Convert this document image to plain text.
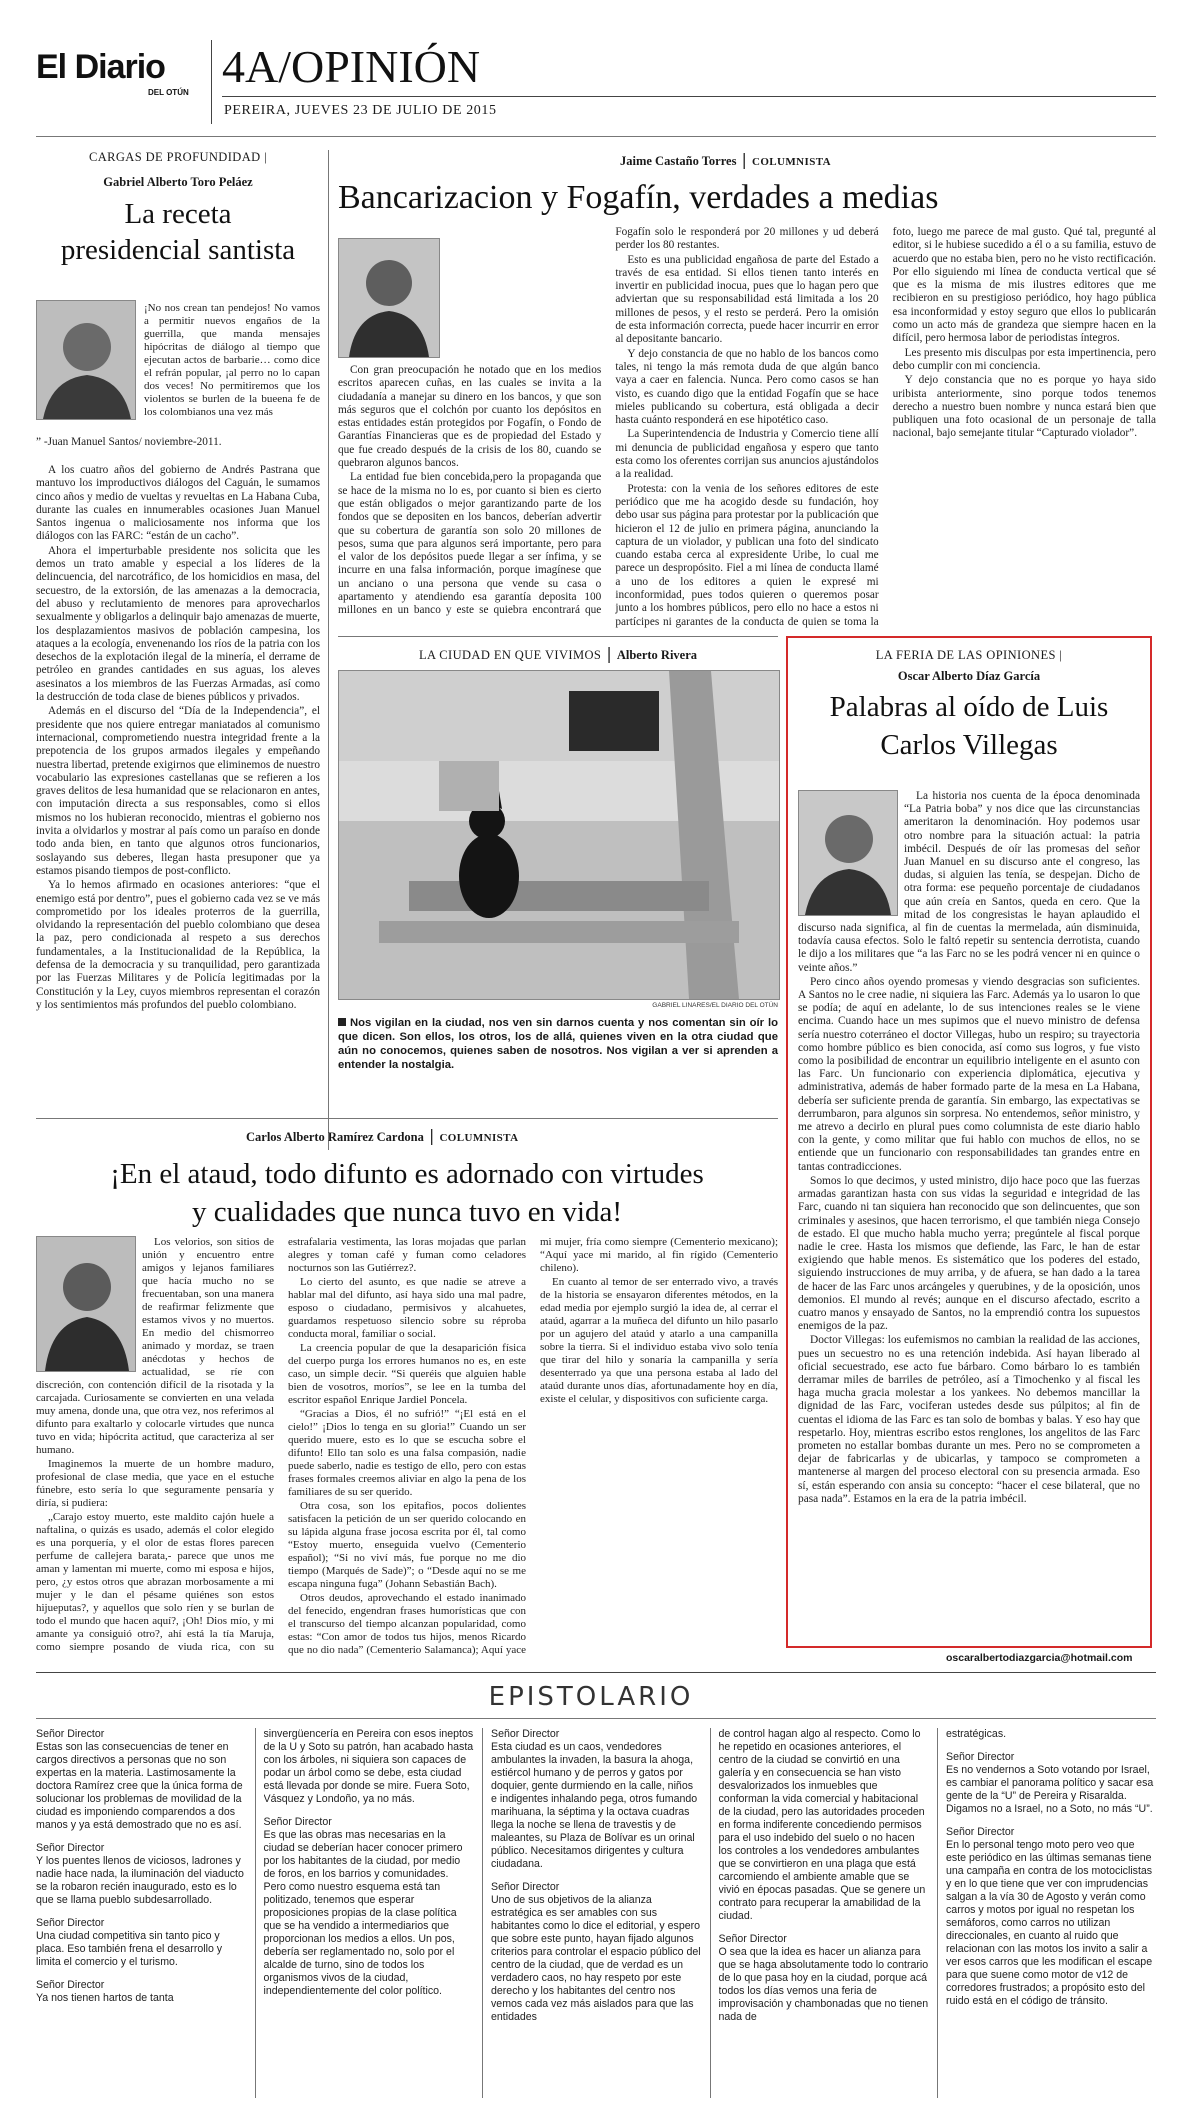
El Diario
DEL OTÚN
4A/OPINIÓN
PEREIRA, JUEVES 23 DE JULIO DE 2015
CARGAS DE PROFUNDIDAD |
Gabriel Alberto Toro Peláez
La receta
presidencial santista
¡No nos crean tan pendejos! No vamos a permitir nuevos engaños de la guerrilla, que manda mensajes hipócritas de diálogo al tiempo que ejecutan actos de barbarie… como dice el refrán popular, ¡al perro no lo capan dos veces! No permitiremos que los violentos se burlen de la bueena fe de los colombianos una vez más
” -Juan Manuel Santos/ noviembre-2011.

A los cuatro años del gobierno de Andrés Pastrana que mantuvo los improductivos diálogos del Caguán, le sumamos cinco años y medio de vueltas y revueltas en La Habana Cuba, durante las cuales en innumerables ocasiones Juan Manuel Santos ingenua o maliciosamente nos informa que los diálogos con las FARC: “están de un cacho”.

Ahora el imperturbable presidente nos solicita que les demos un trato amable y especial a los líderes de la delincuencia, del narcotráfico, de los homicidios en masa, del secuestro, de la extorsión, de las amenazas a la democracia, del abuso y reclutamiento de menores para aprovecharlos sexualmente y obligarlos a delinquir bajo amenazas de muerte, los desplazamientos masivos de población campesina, los ataques a la ecología, envenenando los ríos de la patria con los desechos de la explotación ilegal de la minería, el derrame de petróleo en grandes cantidades en sus aguas, los aleves asesinatos a los miembros de las Fuerzas Armadas, así como la destrucción de toda clase de bienes públicos y privados.

Además en el discurso del “Día de la Independencia”, el presidente que nos quiere entregar maniatados al comunismo internacional, comprometiendo nuestra integridad frente a la prepotencia de los grupos armados ilegales y empeñando nuestra libertad, pretende exigirnos que eliminemos de nuestro vocabulario las expresiones castellanas que se refieren a los graves delitos de lesa humanidad que se relacionaron en antes, con imputación directa a sus responsables, como si ellos mismos no los hubieran reconocido, mientras el gobierno nos invita a olvidarlos y mostrar al país como un paraíso en donde todo anda bien, en tanto que algunos otros funcionarios, soslayando sus deberes, llegan hasta presuponer que ya estamos pisando tiempos de post-conflicto.

Ya lo hemos afirmado en ocasiones anteriores: “que el enemigo está por dentro”, pues el gobierno cada vez se ve más comprometido por los ideales proterros de la guerrilla, olvidando la representación del pueblo colombiano que desea la paz, pero condicionada al respeto a sus derechos fundamentales, a la Institucionalidad de la República, la defensa de la democracia y su tranquilidad, pero garantizada por las Fuerzas Militares y de Policía legitimadas por la Constitución y la Ley, cuyos miembros representan el corazón y los sentimientos más profundos del pueblo colombiano.

Jaime Castaño Torres | COLUMNISTA
Bancarizacion y Fogafín, verdades a medias

Con gran preocupación he notado que en los medios escritos aparecen cuñas, en las cuales se invita a la ciudadanía a manejar su dinero en los bancos, y que son más seguros que el colchón por cuanto los depósitos en estas entidades están protegidos por Fogafín, o Fondo de Garantías Financieras que es de propiedad del Estado y que fue creado después de la crisis de los 80, cuando se quebraron algunos bancos.

La entidad fue bien concebida,pero la propaganda que se hace de la misma no lo es, por cuanto si bien es cierto que están obligados o mejor garantizando parte de los fondos que se depositen en los bancos, deberían advertir que su cobertura de garantía son solo 20 millones de pesos, suma que para algunos será importante, pero para el valor de los depósitos puede llegar a ser ínfima, y se incurre en una falsa información, porque imagínese que un anciano o una persona que vende su casa o apartamento y atendiendo esa garantía deposita 100 millones en un banco y este se quiebra encontrará que Fogafín solo le responderá por 20 millones y ud deberá perder los 80 restantes.

Esto es una publicidad engañosa de parte del Estado a través de esa entidad. Si ellos tienen tanto interés en invertir en publicidad inocua, pues que lo hagan pero que adviertan que su responsabilidad está limitada a los 20 millones de pesos, y el resto se perderá. Pero la omisión de esta información correcta, puede hacer incurrir en error al depositante bancario.

Y dejo constancia de que no hablo de los bancos como tales, ni tengo la más remota duda de que algún banco vaya a caer en falencia. Nunca. Pero como casos se han visto, es cuando digo que la entidad Fogafín que se hace mieles publicando su cobertura, está obligada a decir hasta cuánto responderá en ese hipotético caso.

La Superintendencia de Industria y Comercio tiene allí mi denuncia de publicidad engañosa y espero que tanto esta como los oferentes corrijan sus anuncios ajustándolos a la realidad.

Protesta: con la venia de los señores editores de este periódico que me ha acogido desde su fundación, hoy debo usar sus página para protestar por la publicación que hicieron el 12 de julio en primera página, anunciando la captura de un violador, y publican una foto del sindicato cuando estaba cerca al expresidente Uribe, lo cual me parece un despropósito. Fiel a mi línea de conducta llamé a uno de los editores a quien le expresé mi inconformidad, pues todos quieren o queremos posar junto a los hombres públicos, pero ello no hace a estos ni partícipes ni garantes de la conducta de quien se toma la foto, luego me parece de mal gusto. Qué tal, pregunté al editor, si le hubiese sucedido a él o a su familia, estuvo de acuerdo que no estaba bien, pero no he visto rectificación. Por ello siguiendo mi línea de conducta vertical que sé que es la misma de mis ilustres editores que me recibieron en su prestigioso periódico, hoy hago pública esa inconformidad y estoy seguro que ellos lo publicarán como un acto más de grandeza que siempre hacen en la difícil, pero hermosa labor de periodistas íntegros.

Les presento mis disculpas por esta impertinencia, pero debo cumplir con mi conciencia.

Y dejo constancia que no es porque yo haya sido uribista anteriormente, sino porque todos tenemos derecho a nuestro buen nombre y nunca estará bien que publiquen una foto ocasional de un personaje de talla nacional, bajo semejante titular “Capturado violador”.

LA CIUDAD EN QUE VIVIMOS | Alberto Rivera
GABRIEL LINARES/EL DIARIO DEL OTÚN
Nos vigilan en la ciudad, nos ven sin darnos cuenta y nos comentan sin oír lo que dicen. Son ellos, los otros, los de allá, quienes viven en la otra ciudad que aún no conocemos, quienes saben de nosotros. Nos vigilan a ver si aprenden a entender la nostalgia.
LA FERIA DE LAS OPINIONES |
Oscar Alberto Díaz García
Palabras al oído de Luis
Carlos Villegas

La historia nos cuenta de la época denominada “La Patria boba” y nos dice que las circunstancias ameritaron la denominación. Hoy podemos usar otro nombre para la situación actual: la patria imbécil. Después de oír las promesas del señor Juan Manuel en su discurso ante el congreso, las dudas, si alguien las tenía, se despejan. Dicho de otra forma: ese pequeño porcentaje de ciudadanos que aún creía en Santos, queda en cero. Que la mitad de los congresistas le hayan aplaudido el discurso nada significa, al fin de cuentas la mermelada, aún disminuida, todavía causa efectos. Solo le faltó repetir su sentencia derrotista, cuando le dijo a los militares que “a las Farc no se les podrá vencer ni en quince o veinte años.”

Pero cinco años oyendo promesas y viendo desgracias son suficientes. A Santos no le cree nadie, ni siquiera las Farc. Además ya lo usaron lo que se podía; de aquí en adelante, lo de sus intenciones reales se le viene encima. Cuando hace un mes supimos que el nuevo ministro de defensa sería nuestro coterráneo el doctor Villegas, hubo un respiro; su trayectoria como hombre público es bien conocida, así como sus logros, y fue visto como la posibilidad de encontrar un equilibrio inteligente en el asunto con las Farc. Un funcionario con experiencia diplomática, ejecutiva y administrativa, además de haber formado parte de la mesa en La Habana, debería ser suficiente prenda de garantía. Sin embargo, las expectativas se derrumbaron, para algunos sin sorpresa. No entendemos, señor ministro, y me atrevo a decirlo en plural pues como columnista de este diario hablo con la gente, y como militar que fui hablo con muchos de ellos, no se entiende que un funcionario con responsabilidades tan grandes entre en tantas contradicciones.

Somos lo que decimos, y usted ministro, dijo hace poco que las fuerzas armadas garantizan hasta con sus vidas la seguridad e integridad de las Farc, cuando ni tan siquiera han reconocido que son delincuentes, que son criminales y asesinos, que hacen terrorismo, el que también niega Consejo de estado. El que mucho habla mucho yerra; pregúntele al fiscal porque nadie le cree. Hasta los mismos que defiende, las Farc, le han de estar exigiendo que hable menos. Es sistemático que los poderes del estado, siguiendo instrucciones de muy arriba, y de afuera, se han dado a la tarea de hacer de las Farc unos arcángeles y querubines, y de la oposición, unos demonios. El mundo al revés; aunque en el discurso afectado, escrito a cuatro manos y ensayado de Santos, no la emprendió contra los supuestos enemigos de la paz.

Doctor Villegas: los eufemismos no cambian la realidad de las acciones, pues un secuestro no es una retención indebida. Así hayan liberado al oficial secuestrado, ese acto fue bárbaro. Como bárbaro lo es también derramar miles de barriles de petróleo, así a Timochenko y al fiscal les haga mucha gracia molestar a los yankees. No debemos mancillar la dignidad de las Farc, vociferan ustedes desde sus púlpitos; al fin de cuentas el idioma de las Farc es tan solo de bombas y balas. Y eso hay que respetarlo. Hoy, mientras escribo estos renglones, los angelitos de las Farc prometen no estallar bombas durante un mes. Pero no se comprometen a dejar de fabricarlas y de ubicarlas, y tampoco se comprometen a mantenerse al margen del proceso electoral con su presencia armada. Eso sí, están esperando con ansia su concepto: “hacer el cese bilateral, que no pasa nada”. Estamos en la era de la patria imbécil.

oscaralbertodiazgarcia@hotmail.com
Carlos Alberto Ramírez Cardona | COLUMNISTA
¡En el ataud, todo difunto es adornado con virtudes
y cualidades que nunca tuvo en vida!

Los velorios, son sitios de unión y encuentro entre amigos y lejanos familiares que hacía mucho no se frecuentaban, son una manera de reafirmar felizmente que estamos vivos y no muertos. En medio del chismorreo animado y mordaz, se traen anécdotas y hechos de actualidad, se ríe con discreción, con contención difícil de la risotada y la carcajada. Curiosamente se convierten en una velada muy amena, donde una, que otra vez, nos referimos al difunto para exaltarlo y colocarle virtudes que nunca tuvo en vida; hipócrita actitud, que caracteriza al ser humano.

Imaginemos la muerte de un hombre maduro, profesional de clase media, que yace en el estuche fúnebre, esto sería lo que seguramente pensaría y diría, si pudiera:

„Carajo estoy muerto, este maldito cajón huele a naftalina, o quizás es usado, además el color elegido es una porquería, y el olor de estas flores parecen perfume de callejera barata,- parece que unos me aman y lamentan mi muerte, como mi esposa e hijos, pero, ¿y estos otros que abrazan morbosamente a mi mujer y le dan el pésame quiénes son estos hijueputas?, y aquellos que solo ríen y se burlan de todo el mundo que hacen aquí?, ¡Oh! Dios mío, y mi amante ya consiguió otro?, ahí está la tía Maruja, como siempre posando de viuda rica, con su estrafalaria vestimenta, las loras mojadas que parlan alegres y toman café y fuman como celadores nocturnos son las Gutiérrez?.

Lo cierto del asunto, es que nadie se atreve a hablar mal del difunto, así haya sido una mal padre, esposo o ciudadano, permisivos y alcahuetes, guardamos respetuoso silencio sobre su réproba conducta moral, familiar o social.

La creencia popular de que la desaparición física del cuerpo purga los errores humanos no es, en este caso, un simple decir. “Si queréis que alguien hable bien de vosotros, moríos”, se lee en la tumba del escritor español Enrique Jardiel Poncela.

“Gracias a Dios, él no sufrió!” “¡El está en el cielo!” ¡Dios lo tenga en su gloria!” Cuando un ser querido muere, esto es lo que se escucha sobre el difunto! Ello tan solo es una falsa compasión, nadie puede saberlo, nadie es testigo de ello, pero con estas frases formales creemos aliviar en algo la pena de los familiares de su ser querido.

Otra cosa, son los epitafios, pocos dolientes satisfacen la petición de un ser querido colocando en su lápida alguna frase jocosa escrita por él, tal como “Estoy muerto, enseguida vuelvo (Cementerio español); “Si no viví más, fue porque no me dio tiempo (Marqués de Sade)”; o “Desde aquí no se me escapa ninguna fuga” (Johann Sebastián Bach).

Otros deudos, aprovechando el estado inanimado del fenecido, engendran frases humorísticas que con el transcurso del tiempo alcanzan popularidad, como estas: “Con amor de todos tus hijos, menos Ricardo que no dio nada” (Cementerio Salamanca); Aquí yace mi mujer, fría como siempre (Cementerio mexicano); “Aquí yace mi marido, al fin rígido (Cementerio chileno).

En cuanto al temor de ser enterrado vivo, a través de la historia se ensayaron diferentes métodos, en la edad media por ejemplo surgió la idea de, al cerrar el ataúd, agarrar a la muñeca del difunto un hilo pasarlo por un agujero del ataúd y atarlo a una campanilla sobre la tierra. Si el individuo estaba vivo solo tenía que tirar del hilo y sonaría la campanilla y sería desenterrado ya que una persona estaba al lado del ataúd durante unos días, afortunadamente hoy en día, existe el celular, y dispositivos con suficiente carga.

EPISTOLARIO

Señor Director
Estas son las consecuencias de tener en cargos directivos a personas que no son expertas en la materia. Lastimosamente la doctora Ramírez cree que la única forma de solucionar los problemas de movilidad de la ciudad es imponiendo comparendos a dos manos y ya está demostrado que no es así.

Señor Director
Y los puentes llenos de viciosos, ladrones y nadie hace nada, la iluminación del viaducto se la robaron recién inaugurado, esto es lo que se llama pueblo subdesarrollado.

Señor Director
Una ciudad competitiva sin tanto pico y placa. Eso también frena el desarrollo y limita el comercio y el turismo.

Señor Director
Ya nos tienen hartos de tanta

sinvergüencería en Pereira con esos ineptos de la U y Soto su patrón, han acabado hasta con los árboles, ni siquiera son capaces de podar un árbol como se debe, esta ciudad está llevada por donde se mire. Fuera Soto, Vásquez y Londoño, ya no más.

Señor Director
Es que las obras mas necesarias en la ciudad se deberían hacer conocer primero por los habitantes de la ciudad, por medio de foros, en los barrios y comunidades. Pero como nuestro esquema está tan politizado, tenemos que esperar proposiciones propias de la clase política que se ha vendido a intermediarios que proporcionan los medios a ellos. Un pos, debería ser reglamentado no, solo por el alcalde de turno, sino de todos los organismos vivos de la ciudad, independientemente del color político.

Señor Director
Esta ciudad es un caos, vendedores ambulantes la invaden, la basura la ahoga, estiércol humano y de perros y gatos por doquier, gente durmiendo en la calle, niños e indigentes inhalando pega, otros fumando marihuana, la séptima y la octava cuadras llega la noche se llena de travestis y de maleantes, su Plaza de Bolívar es un orinal público. Necesitamos dirigentes y cultura ciudadana.

Señor Director
Uno de sus objetivos de la alianza estratégica es ser amables con sus habitantes como lo dice el editorial, y espero que sobre este punto, hayan fijado algunos criterios para controlar el espacio público del centro de la ciudad, que de verdad es un verdadero caos, no hay respeto por este derecho y los habitantes del centro nos vemos cada vez más aislados para que las entidades

de control hagan algo al respecto. Como lo he repetido en ocasiones anteriores, el centro de la ciudad se convirtió en una galería y en consecuencia se han visto desvalorizados los inmuebles que conforman la vida comercial y habitacional de la ciudad, pero las autoridades proceden en forma indiferente concediendo permisos para el uso indebido del suelo o no hacen los controles a los vendedores ambulantes que se convirtieron en una plaga que está carcomiendo el ambiente amable que se vivió en épocas pasadas. Que se genere un contrato para recuperar la amabilidad de la ciudad.

Señor Director
O sea que la idea es hacer un alianza para que se haga absolutamente todo lo contrario de lo que pasa hoy en la ciudad, porque acá todos los días vemos una feria de improvisación y chambonadas que no tienen nada de

estratégicas.

Señor Director
Es no vendernos a Soto votando por Israel, es cambiar el panorama político y sacar esa gente de la “U” de Pereira y Risaralda. Digamos no a Israel, no a Soto, no más “U”.

Señor Director
En lo personal tengo moto pero veo que este periódico en las últimas semanas tiene una campaña en contra de los motociclistas y en lo que tiene que ver con imprudencias salgan a la vía 30 de Agosto y verán como carros y motos por igual no respetan los semáforos, como carros no utilizan direccionales, en cuanto al ruido que relacionan con las motos los invito a salir a ver esos carros que les modifican el escape para que suene como motor de v12 de corredores frustrados; a propósito esto del ruido está en el código de tránsito.
